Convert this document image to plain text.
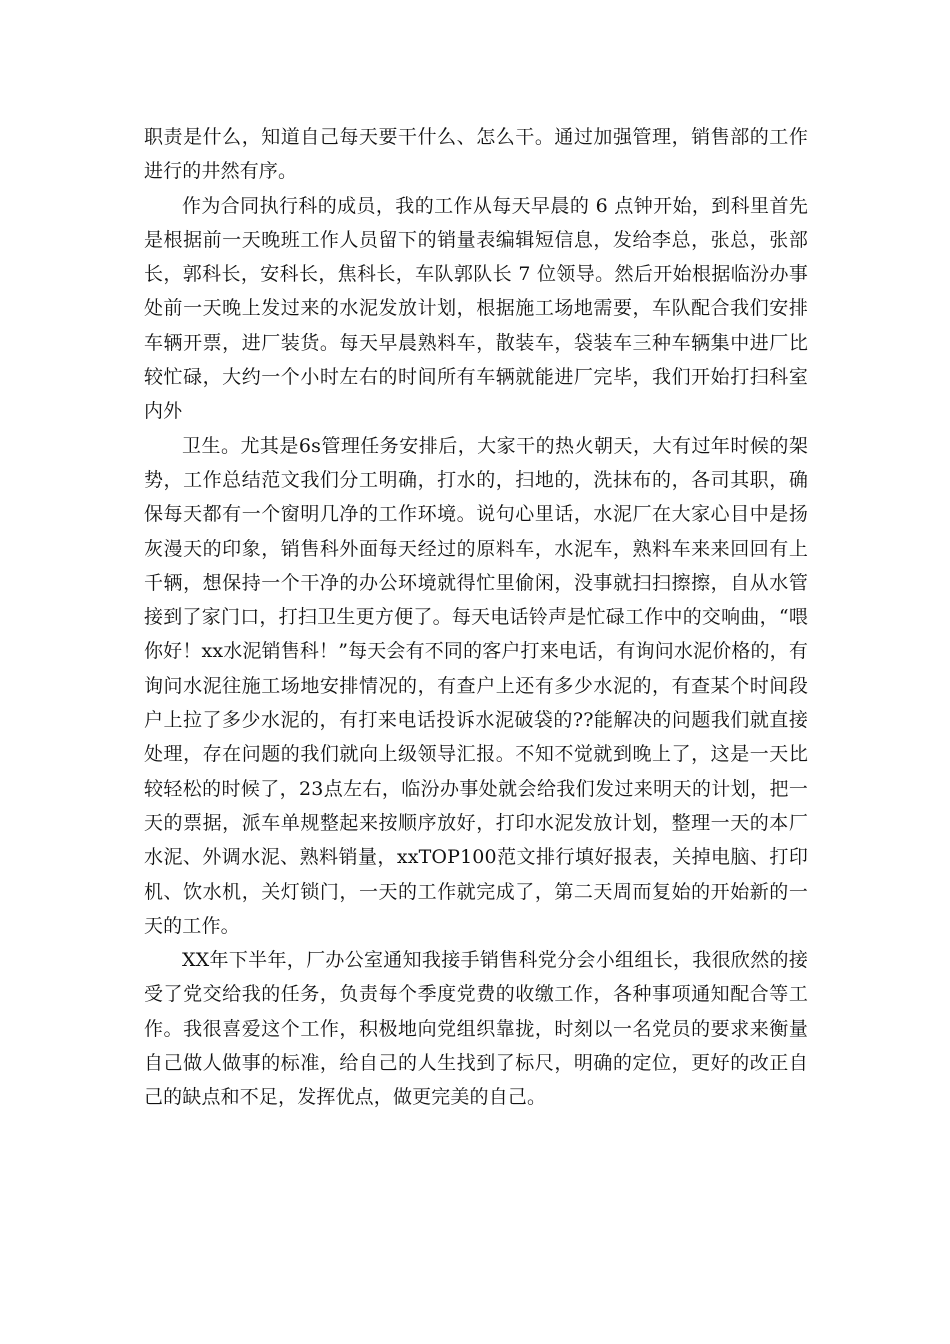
职责是什么，知道自己每天要干什么、怎么干。通过加强管理，销售部的工作进行的井然有序。

作为合同执行科的成员，我的工作从每天早晨的 6 点钟开始，到科里首先是根据前一天晚班工作人员留下的销量表编辑短信息，发给李总，张总，张部长，郭科长，安科长，焦科长，车队郭队长 7 位领导。然后开始根据临汾办事处前一天晚上发过来的水泥发放计划，根据施工场地需要，车队配合我们安排车辆开票，进厂装货。每天早晨熟料车，散装车，袋装车三种车辆集中进厂比较忙碌，大约一个小时左右的时间所有车辆就能进厂完毕，我们开始打扫科室内外

卫生。尤其是6s管理任务安排后，大家干的热火朝天，大有过年时候的架势，工作总结范文我们分工明确，打水的，扫地的，洗抹布的，各司其职，确保每天都有一个窗明几净的工作环境。说句心里话，水泥厂在大家心目中是扬灰漫天的印象，销售科外面每天经过的原料车，水泥车，熟料车来来回回有上千辆，想保持一个干净的办公环境就得忙里偷闲，没事就扫扫擦擦，自从水管接到了家门口，打扫卫生更方便了。每天电话铃声是忙碌工作中的交响曲，“喂你好！xx水泥销售科！”每天会有不同的客户打来电话，有询问水泥价格的，有询问水泥往施工场地安排情况的，有查户上还有多少水泥的，有查某个时间段户上拉了多少水泥的，有打来电话投诉水泥破袋的??能解决的问题我们就直接处理，存在问题的我们就向上级领导汇报。不知不觉就到晚上了，这是一天比较轻松的时候了，23点左右，临汾办事处就会给我们发过来明天的计划，把一天的票据，派车单规整起来按顺序放好，打印水泥发放计划，整理一天的本厂水泥、外调水泥、熟料销量，xxTOP100范文排行填好报表，关掉电脑、打印机、饮水机，关灯锁门，一天的工作就完成了，第二天周而复始的开始新的一天的工作。

XX年下半年，厂办公室通知我接手销售科党分会小组组长，我很欣然的接受了党交给我的任务，负责每个季度党费的收缴工作，各种事项通知配合等工作。我很喜爱这个工作，积极地向党组织靠拢，时刻以一名党员的要求来衡量自己做人做事的标准，给自己的人生找到了标尺，明确的定位，更好的改正自己的缺点和不足，发挥优点，做更完美的自己。
